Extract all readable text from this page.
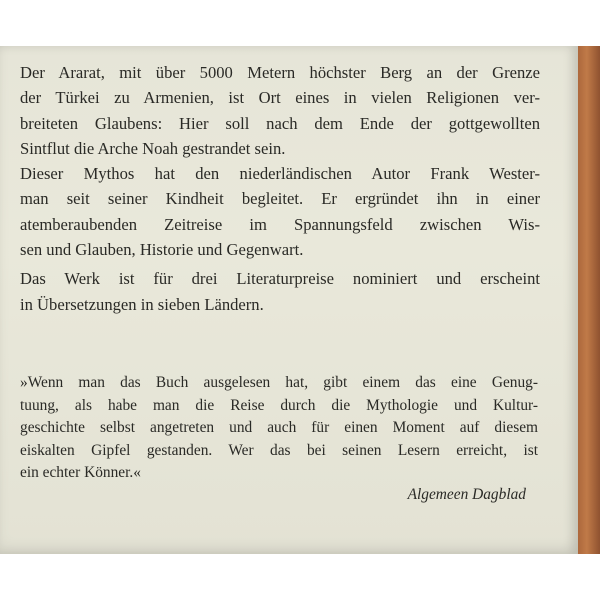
Der Ararat, mit über 5000 Metern höchster Berg an der Grenze
der Türkei zu Armenien, ist Ort eines in vielen Religionen ver-
breiteten Glaubens: Hier soll nach dem Ende der gottgewollten
Sintflut die Arche Noah gestrandet sein.

Dieser Mythos hat den niederländischen Autor Frank Wester-
man seit seiner Kindheit begleitet. Er ergründet ihn in einer
atemberaubenden Zeitreise im Spannungsfeld zwischen Wis-
sen und Glauben, Historie und Gegenwart.

Das Werk ist für drei Literaturpreise nominiert und erscheint
in Übersetzungen in sieben Ländern.

»Wenn man das Buch ausgelesen hat, gibt einem das eine Genug-
tuung, als habe man die Reise durch die Mythologie und Kultur-
geschichte selbst angetreten und auch für einen Moment auf diesem
eiskalten Gipfel gestanden. Wer das bei seinen Lesern erreicht, ist
ein echter Könner.«
Algemeen Dagblad
